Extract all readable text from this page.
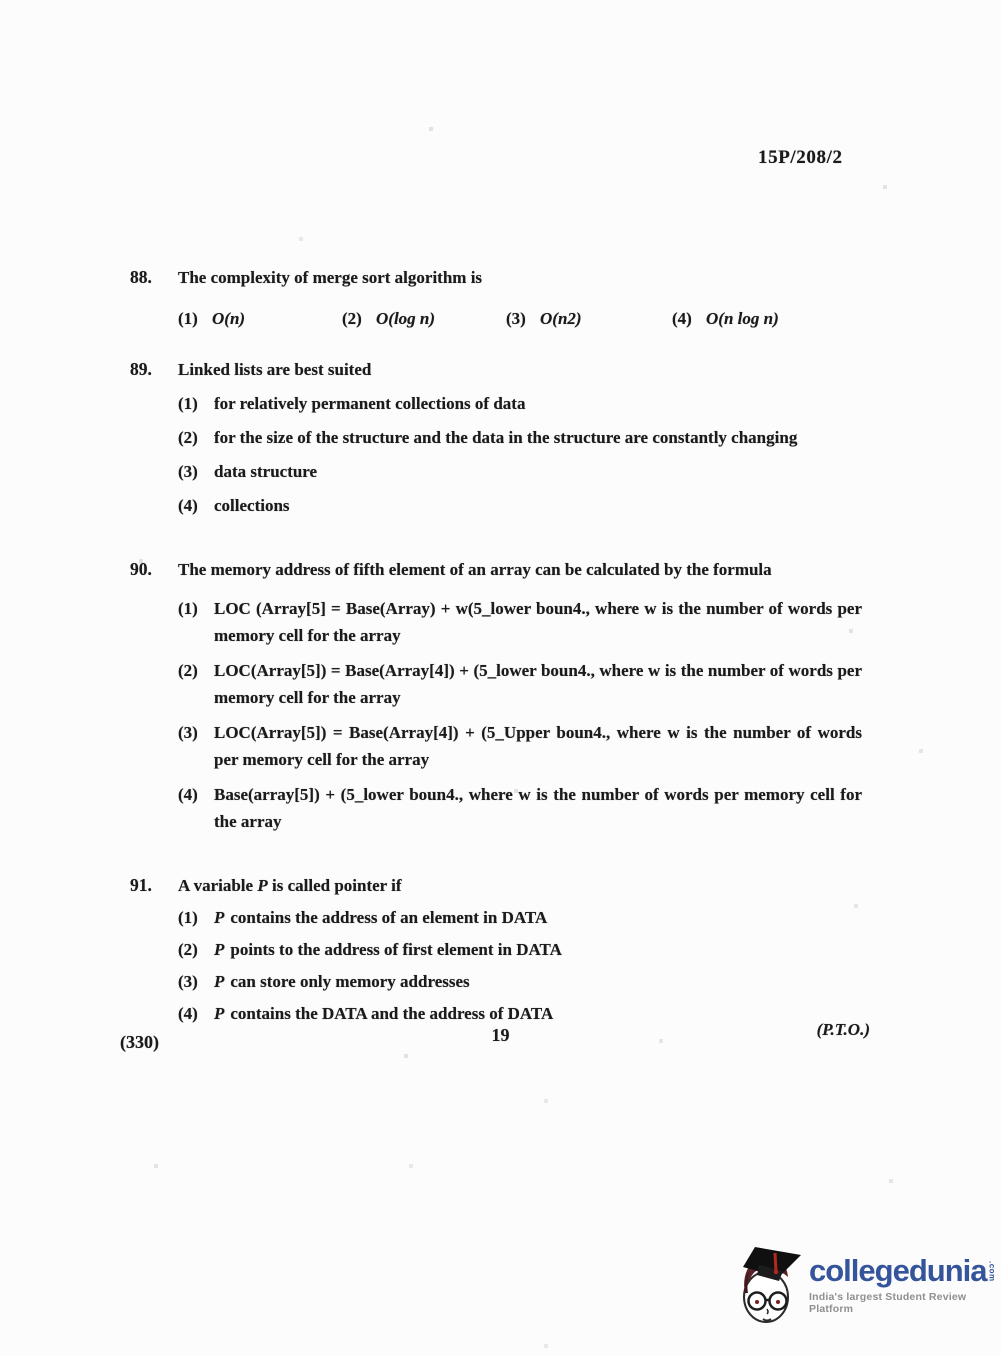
15P/208/2
88.	The complexity of merge sort algorithm is
(1) O(n)	(2) O(log n)	(3) O(n2)	(4) O(n log n)
89.	Linked lists are best suited
(1) for relatively permanent collections of data
(2) for the size of the structure and the data in the structure are constantly changing
(3) data structure
(4) collections
90.	The memory address of fifth element of an array can be calculated by the formula
(1) LOC (Array[5] = Base(Array) + w(5_lower boun4., where w is the number of words per memory cell for the array
(2) LOC(Array[5]) = Base(Array[4]) + (5_lower boun4., where w is the number of words per memory cell for the array
(3) LOC(Array[5]) = Base(Array[4]) + (5_Upper boun4., where w is the number of words per memory cell for the array
(4) Base(array[5]) + (5_lower boun4., where w is the number of words per memory cell for the array
91.	A variable P is called pointer if
(1) P contains the address of an element in DATA
(2) P points to the address of first element in DATA
(3) P can store only memory addresses
(4) P contains the DATA and the address of DATA
(330)	19	(P.T.O.)
collegedunia .com
India's largest Student Review Platform
